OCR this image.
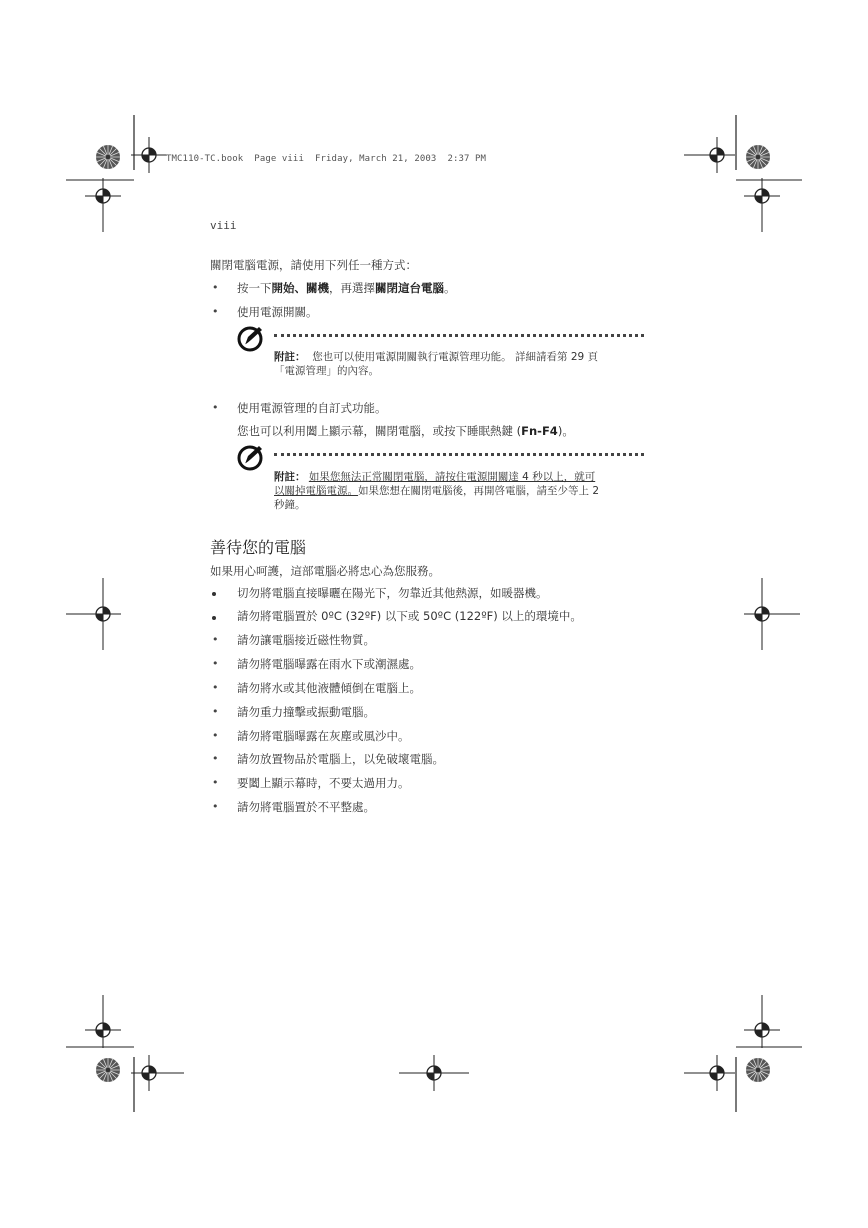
TMC110-TC.book  Page viii  Friday, March 21, 2003  2:37 PM
viii
關閉電腦電源，請使用下列任一種方式：
• 按一下開始、關機，再選擇關閉這台電腦。
• 使用電源開關。
附註： 您也可以使用電源開關執行電源管理功能。 詳細請看第 29 頁
「電源管理」的內容。
• 使用電源管理的自訂式功能。
您也可以利用闔上顯示幕，關閉電腦，或按下睡眠熱鍵 (Fn-F4)。
附註： 如果您無法正常關閉電腦，請按住電源開關達 4 秒以上，就可
以關掉電腦電源。如果您想在關閉電腦後，再開啓電腦，請至少等上 2
秒鐘。
善待您的電腦
如果用心呵護，這部電腦必將忠心為您服務。
切勿將電腦直接曝曬在陽光下，勿靠近其他熱源，如暖器機。
請勿將電腦置於 0ºC (32ºF) 以下或 50ºC (122ºF) 以上的環境中。
• 請勿讓電腦接近磁性物質。
• 請勿將電腦曝露在雨水下或潮濕處。
• 請勿將水或其他液體傾倒在電腦上。
• 請勿重力撞擊或振動電腦。
• 請勿將電腦曝露在灰塵或風沙中。
• 請勿放置物品於電腦上，以免破壞電腦。
• 要闔上顯示幕時，不要太過用力。
• 請勿將電腦置於不平整處。
